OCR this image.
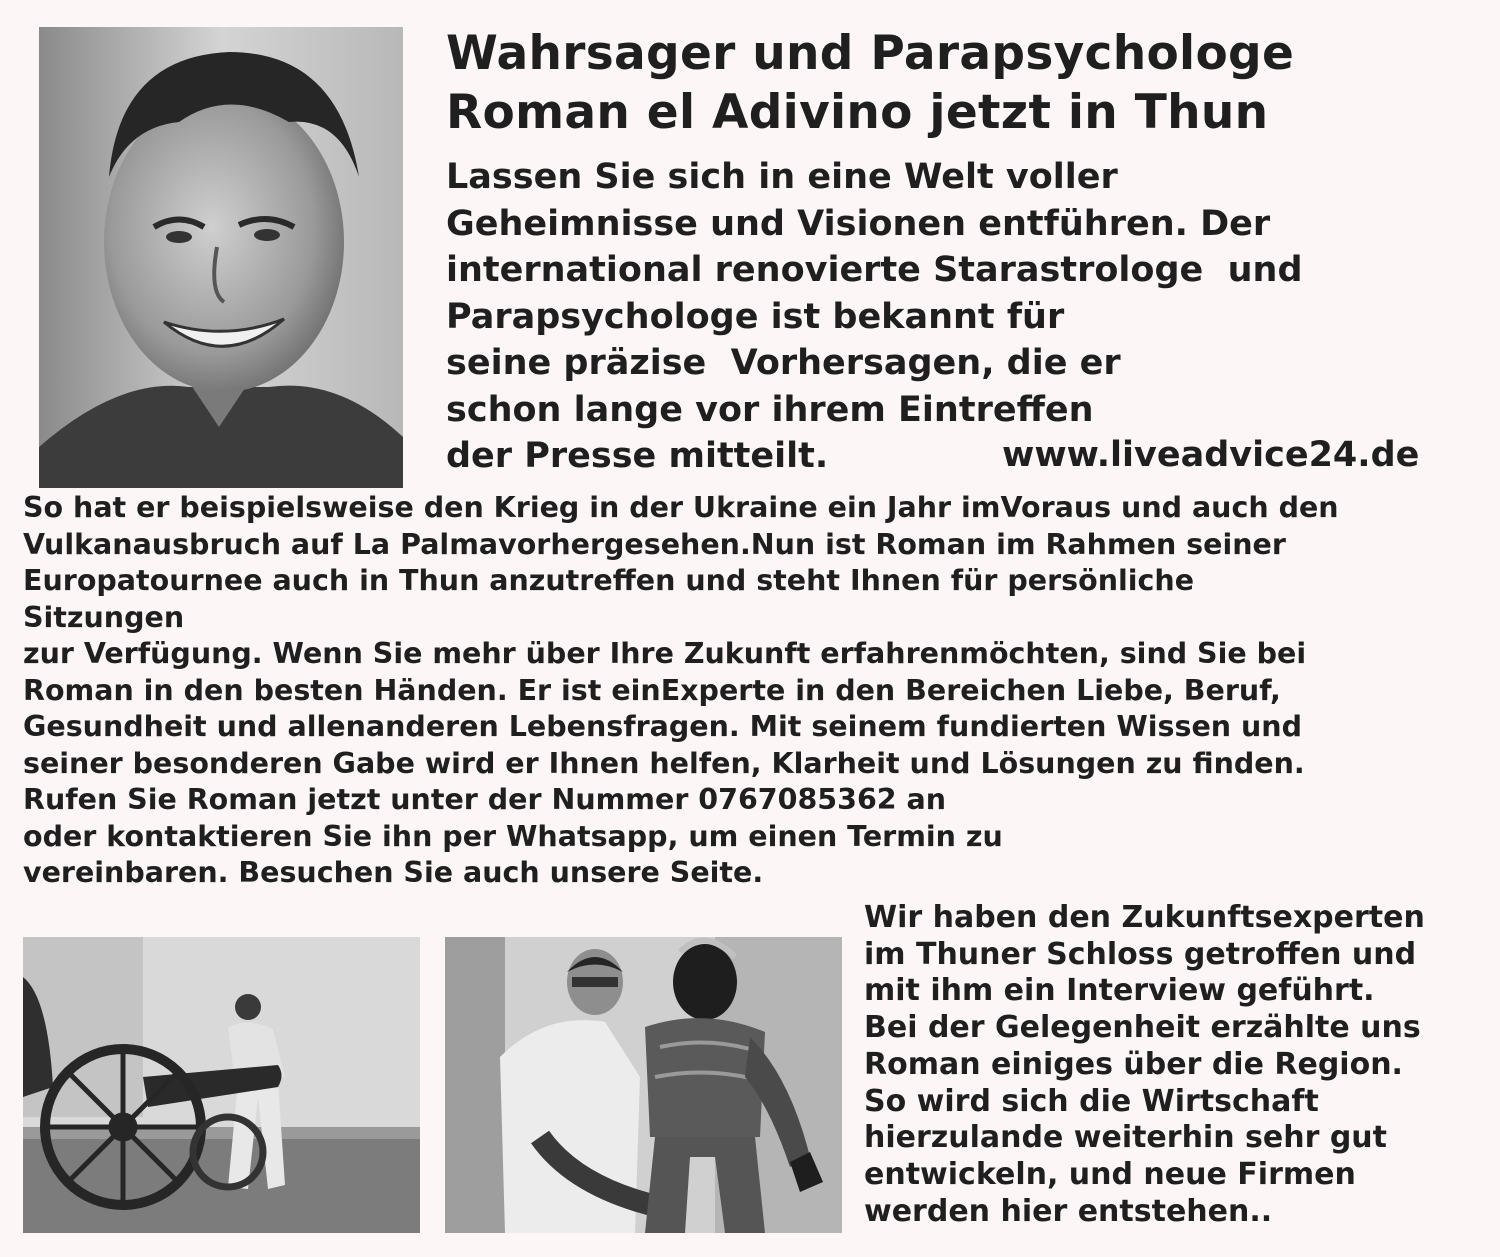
Wahrsager und Parapsychologe
Roman el Adivino jetzt in Thun
Lassen Sie sich in eine Welt voller
Geheimnisse und Visionen entführen. Der
international renovierte Starastrologe  und
Parapsychologe ist bekannt für
seine präzise  Vorhersagen, die er
schon lange vor ihrem Eintreffen
der Presse mitteilt.	www.liveadvice24.de
So hat er beispielsweise den Krieg in der Ukraine ein Jahr imVoraus und auch den
Vulkanausbruch auf La Palmavorhergesehen.Nun ist Roman im Rahmen seiner
Europatournee auch in Thun anzutreffen und steht Ihnen für persönliche
Sitzungen
zur Verfügung. Wenn Sie mehr über Ihre Zukunft erfahrenmöchten, sind Sie bei
Roman in den besten Händen. Er ist einExperte in den Bereichen Liebe, Beruf,
Gesundheit und allenanderen Lebensfragen. Mit seinem fundierten Wissen und
seiner besonderen Gabe wird er Ihnen helfen, Klarheit und Lösungen zu finden.
Rufen Sie Roman jetzt unter der Nummer 0767085362 an
oder kontaktieren Sie ihn per Whatsapp, um einen Termin zu
vereinbaren. Besuchen Sie auch unsere Seite.
Wir haben den Zukunftsexperten
im Thuner Schloss getroffen und
mit ihm ein Interview geführt.
Bei der Gelegenheit erzählte uns
Roman einiges über die Region.
So wird sich die Wirtschaft
hierzulande weiterhin sehr gut
entwickeln, und neue Firmen
werden hier entstehen..
